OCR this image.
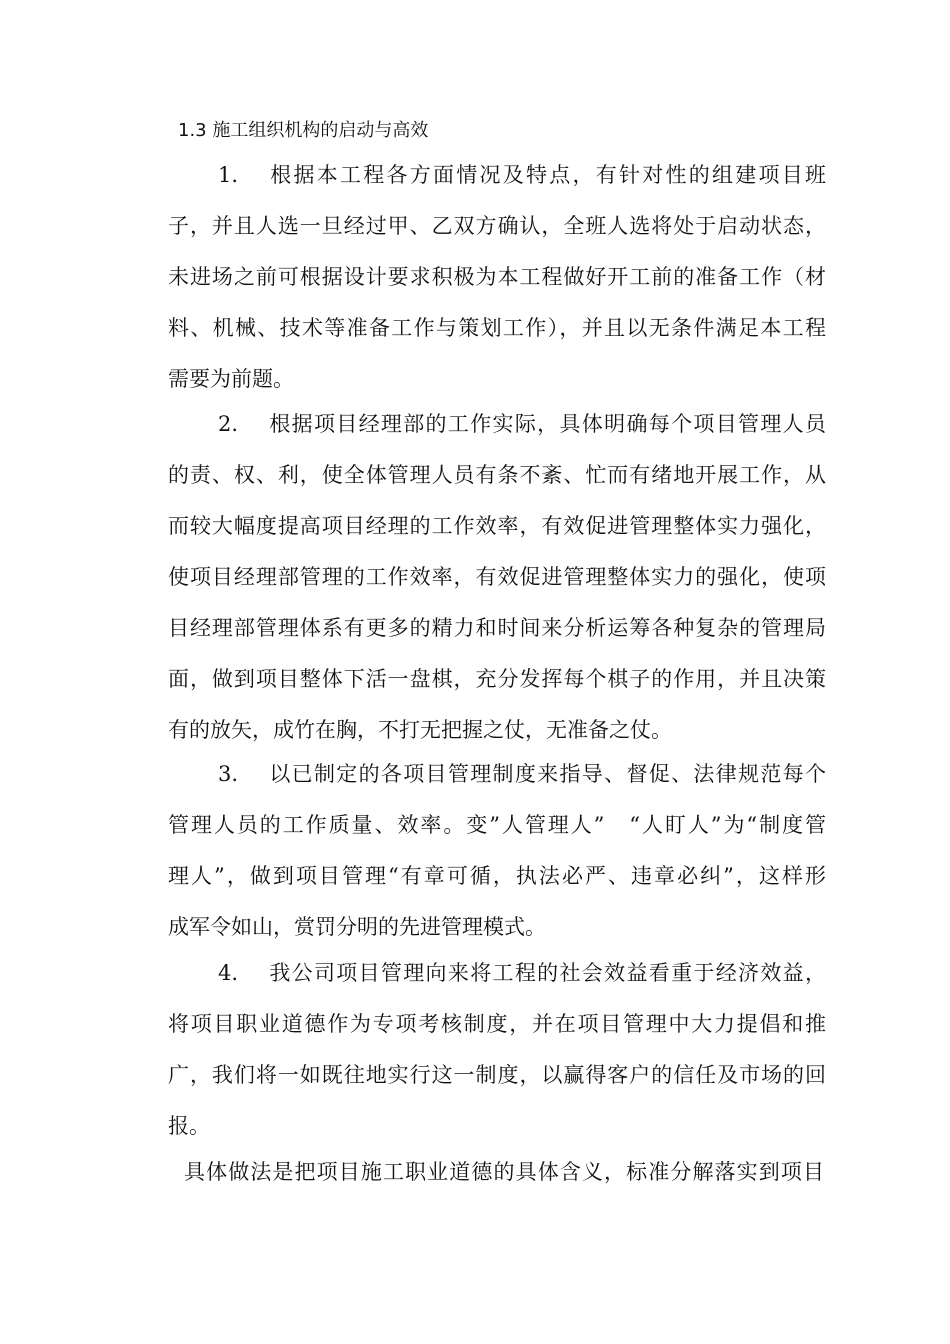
1.3 施工组织机构的启动与高效
1. 根据本工程各方面情况及特点，有针对性的组建项目班
子，并且人选一旦经过甲、乙双方确认，全班人选将处于启动状态，
未进场之前可根据设计要求积极为本工程做好开工前的准备工作（材
料、机械、技术等准备工作与策划工作），并且以无条件满足本工程
需要为前题。
2. 根据项目经理部的工作实际，具体明确每个项目管理人员
的责、权、利，使全体管理人员有条不紊、忙而有绪地开展工作，从
而较大幅度提高项目经理的工作效率，有效促进管理整体实力强化，
使项目经理部管理的工作效率，有效促进管理整体实力的强化，使项
目经理部管理体系有更多的精力和时间来分析运筹各种复杂的管理局
面，做到项目整体下活一盘棋，充分发挥每个棋子的作用，并且决策
有的放矢，成竹在胸，不打无把握之仗，无准备之仗。
3. 以已制定的各项目管理制度来指导、督促、法律规范每个
管理人员的工作质量、效率。变”人管理人”　“人盯人”为“制度管
理人”，做到项目管理“有章可循，执法必严、违章必纠”，这样形
成军令如山，赏罚分明的先进管理模式。
4. 我公司项目管理向来将工程的社会效益看重于经济效益，
将项目职业道德作为专项考核制度，并在项目管理中大力提倡和推
广，我们将一如既往地实行这一制度，以赢得客户的信任及市场的回
报。
具体做法是把项目施工职业道德的具体含义，标准分解落实到项目
